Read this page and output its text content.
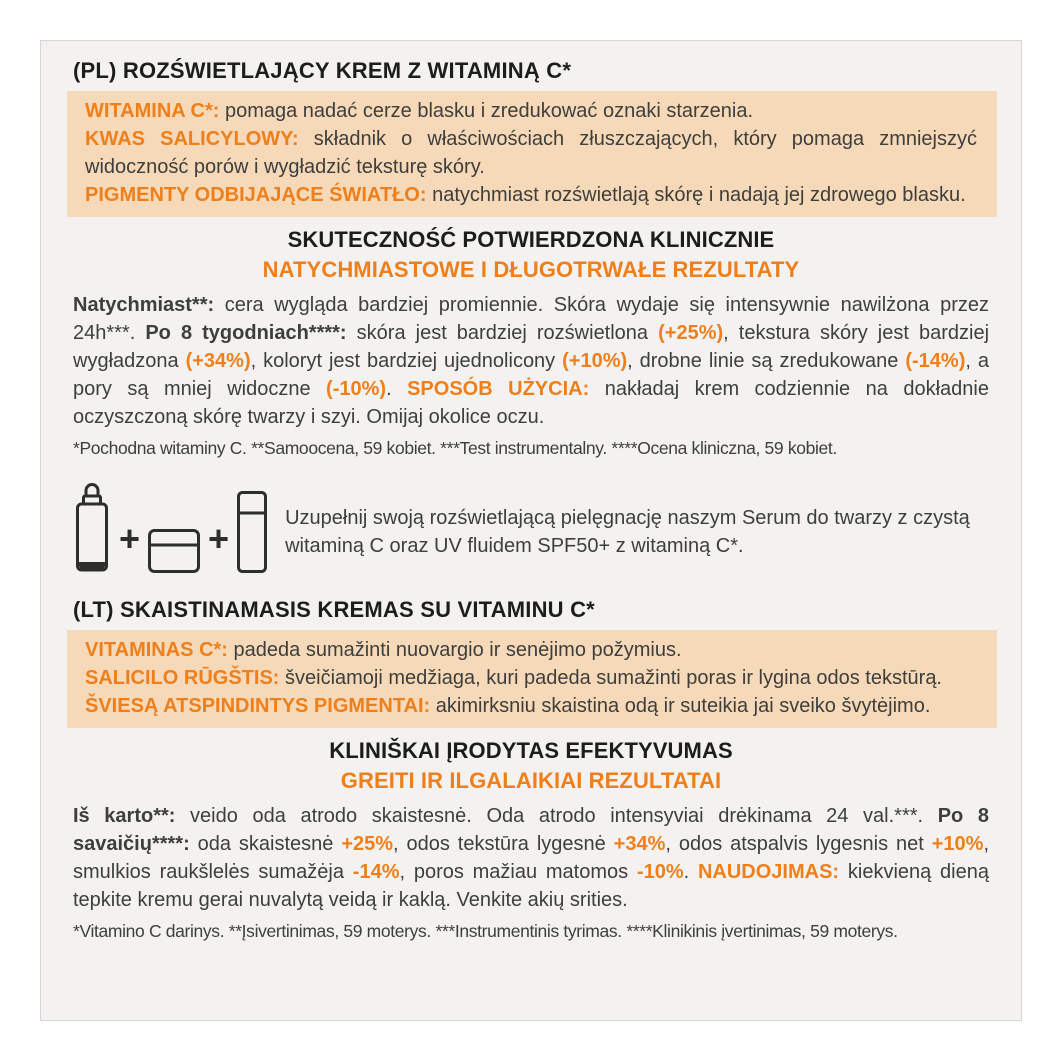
(PL) ROZŚWIETLAJĄCY KREM Z WITAMINĄ C*

WITAMINA C*: pomaga nadać cerze blasku i zredukować oznaki starzenia.

KWAS SALICYLOWY: składnik o właściwościach złuszczających, który pomaga zmniejszyć widoczność porów i wygładzić teksturę skóry.

PIGMENTY ODBIJAJĄCE ŚWIATŁO: natychmiast rozświetlają skórę i nadają jej zdrowego blasku.

SKUTECZNOŚĆ POTWIERDZONA KLINICZNIE
NATYCHMIASTOWE I DŁUGOTRWAŁE REZULTATY

Natychmiast**: cera wygląda bardziej promiennie. Skóra wydaje się intensywnie nawilżona przez 24h***. Po 8 tygodniach****: skóra jest bardziej rozświetlona (+25%), tekstura skóry jest bardziej wygładzona (+34%), koloryt jest bardziej ujednolicony (+10%), drobne linie są zredukowane (-14%), a pory są mniej widoczne (-10%). SPOSÓB UŻYCIA: nakładaj krem codziennie na dokładnie oczyszczoną skórę twarzy i szyi. Omijaj okolice oczu.

*Pochodna witaminy C. **Samoocena, 59 kobiet. ***Test instrumentalny. ****Ocena kliniczna, 59 kobiet.

+ +	Uzupełnij swoją rozświetlającą pielęgnację naszym Serum do twarzy z czystą witaminą C oraz UV fluidem SPF50+ z witaminą C*.

(LT) SKAISTINAMASIS KREMAS SU VITAMINU C*

VITAMINAS C*: padeda sumažinti nuovargio ir senėjimo požymius.

SALICILO RŪGŠTIS: šveičiamoji medžiaga, kuri padeda sumažinti poras ir lygina odos tekstūrą.

ŠVIESĄ ATSPINDINTYS PIGMENTAI: akimirksniu skaistina odą ir suteikia jai sveiko švytėjimo.

KLINIŠKAI ĮRODYTAS EFEKTYVUMAS
GREITI IR ILGALAIKIAI REZULTATAI

Iš karto**: veido oda atrodo skaistesnė. Oda atrodo intensyviai drėkinama 24 val.***. Po 8 savaičių****: oda skaistesnė +25%, odos tekstūra lygesnė +34%, odos atspalvis lygesnis net +10%, smulkios raukšlelės sumažėja -14%, poros mažiau matomos -10%. NAUDOJIMAS: kiekvieną dieną tepkite kremu gerai nuvalytą veidą ir kaklą. Venkite akių srities.

*Vitamino C darinys. **Įsivertinimas, 59 moterys. ***Instrumentinis tyrimas. ****Klinikinis įvertinimas, 59 moterys.
